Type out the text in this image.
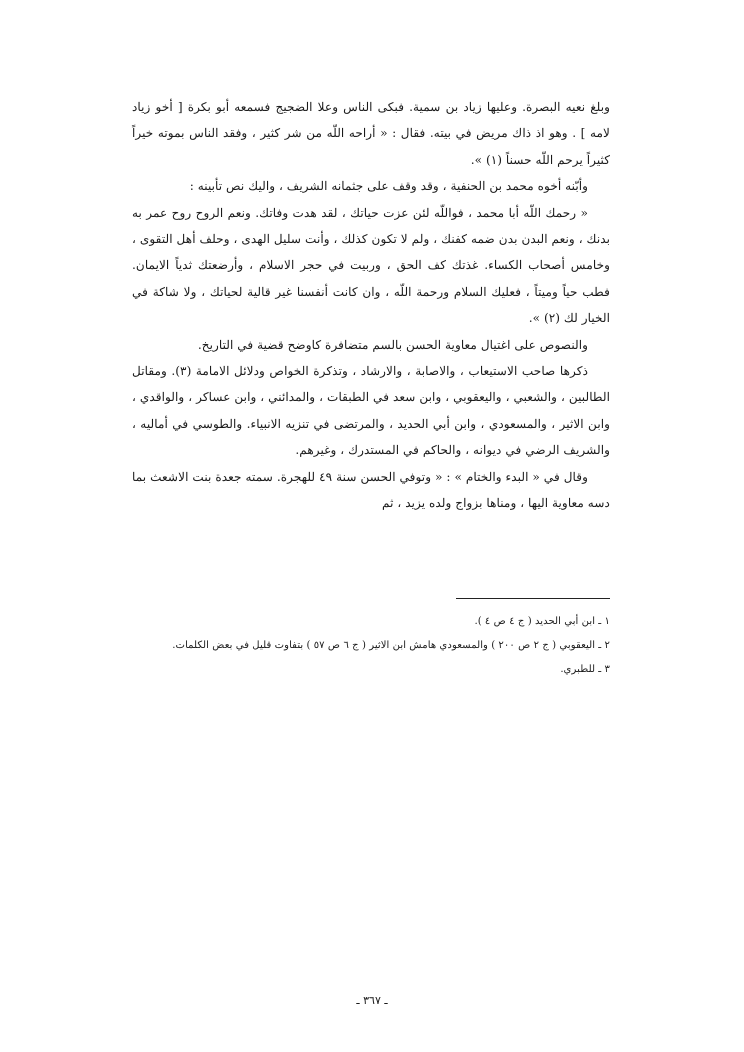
وبلغ نعيه البصرة. وعليها زياد بن سمية. فبكى الناس وعلا الضجيج فسمعه أبو بكرة [ أخو زياد لامه ] . وهو اذ ذاك مريض في بيته. فقال : « أراحه اللّه من شر كثير ، وفقد الناس بموته خيراً كثيراً يرحم اللّه حسناً (١) ».

وأبّنه أخوه محمد بن الحنفية ، وقد وقف على جثمانه الشريف ، واليك نص تأبينه :

« رحمك اللّه أبا محمد ، فواللّه لئن عزت حياتك ، لقد هدت وفاتك. ونعم الروح روح عمر به بدنك ، ونعم البدن بدن ضمه كفنك ، ولم لا تكون كذلك ، وأنت سليل الهدى ، وحلف أهل التقوى ، وخامس أصحاب الكساء. غذتك كف الحق ، وربيت في حجر الاسلام ، وأرضعتك ثدياً الايمان. فطب حياً وميتاً ، فعليك السلام ورحمة اللّه ، وان كانت أنفسنا غير قالية لحياتك ، ولا شاكة في الخيار لك (٢) ».

والنصوص على اغتيال معاوية الحسن بالسم متضافرة كاوضح قضية في التاريخ.

ذكرها صاحب الاستيعاب ، والاصابة ، والارشاد ، وتذكرة الخواص ودلائل الامامة (٣). ومقاتل الطالبين ، والشعبي ، واليعقوبي ، وابن سعد في الطبقات ، والمدائني ، وابن عساكر ، والواقدي ، وابن الاثير ، والمسعودي ، وابن أبي الحديد ، والمرتضى في تنزيه الانبياء. والطوسي في أماليه ، والشريف الرضي في ديوانه ، والحاكم في المستدرك ، وغيرهم.

وقال في « البدء والختام » : « وتوفي الحسن سنة ٤٩ للهجرة. سمته جعدة بنت الاشعث بما دسه معاوية اليها ، ومناها بزواج ولده يزيد ، ثم

١ ـ ابن أبي الحديد ( ج ٤ ص ٤ ).

٢ ـ اليعقوبي ( ج ٢ ص ٢٠٠ ) والمسعودي هامش ابن الاثير ( ج ٦ ص ٥٧ ) بتفاوت قليل في بعض الكلمات.

٣ ـ للطبري.

ـ ٣٦٧ ـ
